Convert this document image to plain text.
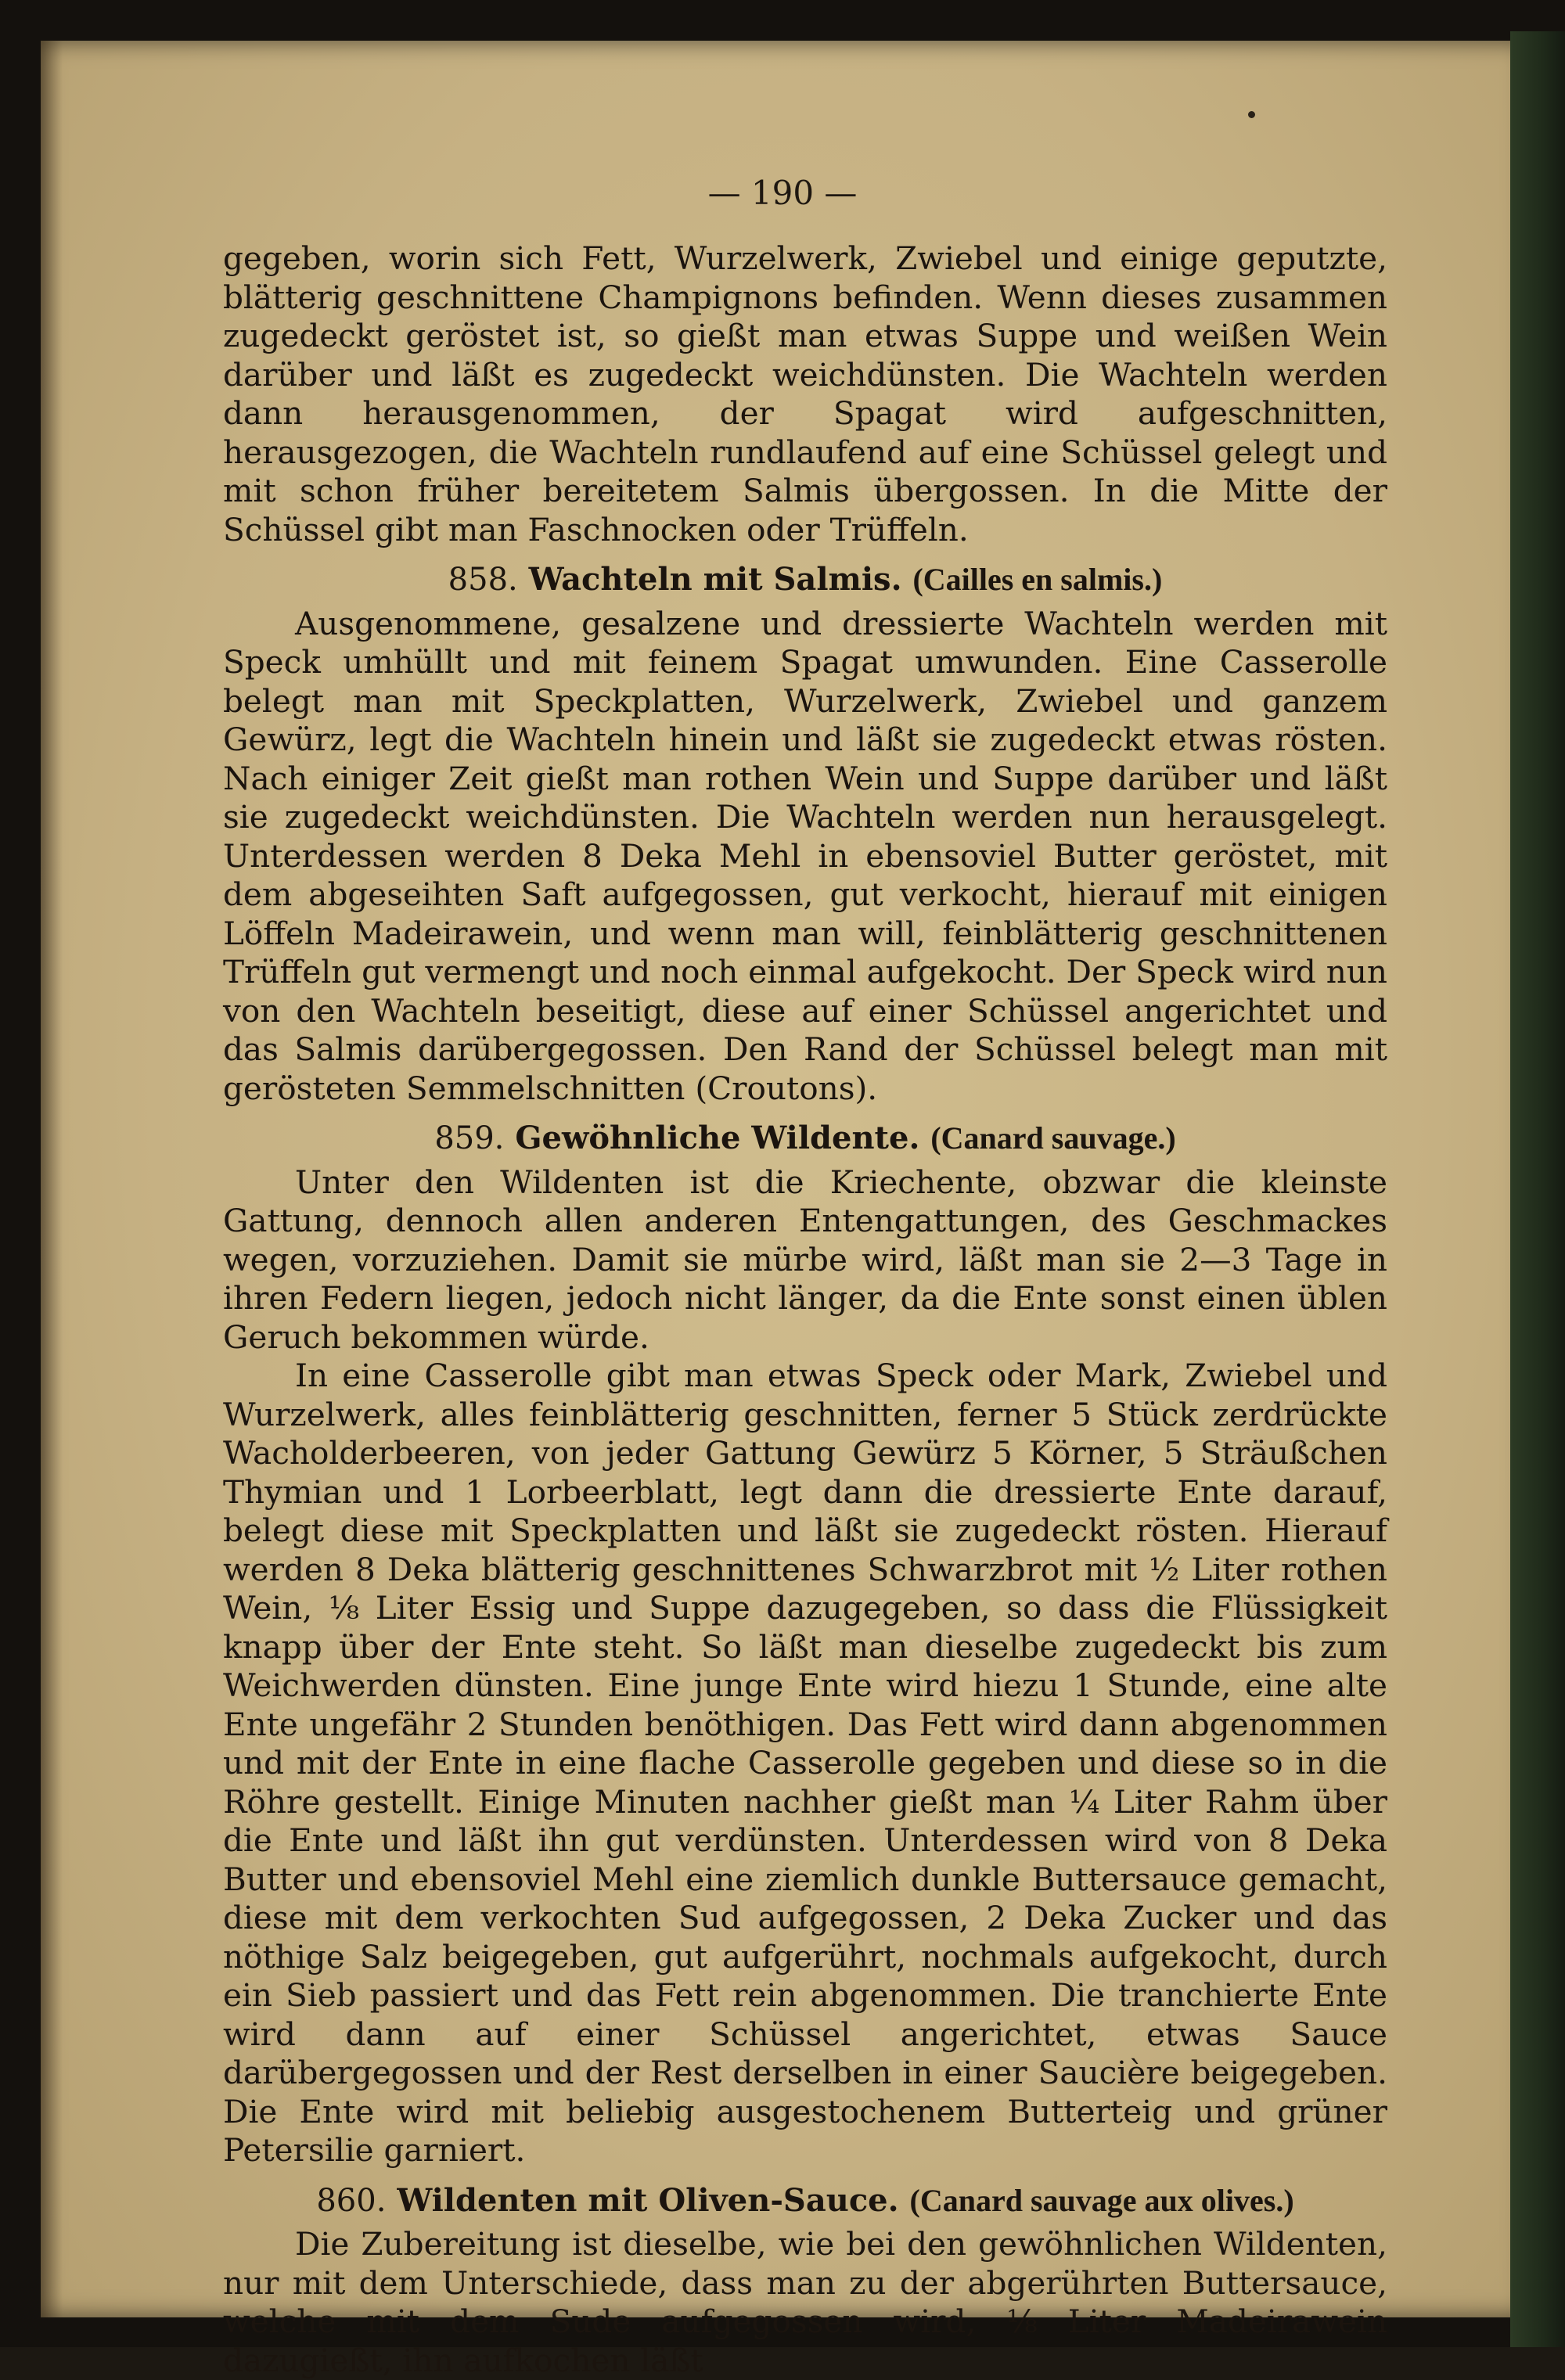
— 190 —

gegeben, worin sich Fett, Wurzelwerk, Zwiebel und einige geputzte, blätterig geschnittene Champignons befinden. Wenn dieses zusammen zugedeckt geröstet ist, so gießt man etwas Suppe und weißen Wein darüber und läßt es zugedeckt weichdünsten. Die Wachteln werden dann herausgenommen, der Spagat wird aufgeschnitten, herausgezogen, die Wachteln rundlaufend auf eine Schüssel gelegt und mit schon früher bereitetem Salmis übergossen. In die Mitte der Schüssel gibt man Faschnocken oder Trüffeln.

858. Wachteln mit Salmis. (Cailles en salmis.)

Ausgenommene, gesalzene und dressierte Wachteln werden mit Speck umhüllt und mit feinem Spagat umwunden. Eine Casserolle belegt man mit Speckplatten, Wurzelwerk, Zwiebel und ganzem Gewürz, legt die Wachteln hinein und läßt sie zugedeckt etwas rösten. Nach einiger Zeit gießt man rothen Wein und Suppe darüber und läßt sie zugedeckt weichdünsten. Die Wachteln werden nun herausgelegt. Unterdessen werden 8 Deka Mehl in ebensoviel Butter geröstet, mit dem abgeseihten Saft aufgegossen, gut verkocht, hierauf mit einigen Löffeln Madeirawein, und wenn man will, feinblätterig geschnittenen Trüffeln gut vermengt und noch einmal aufgekocht. Der Speck wird nun von den Wachteln beseitigt, diese auf einer Schüssel angerichtet und das Salmis darübergegossen. Den Rand der Schüssel belegt man mit gerösteten Semmelschnitten (Croutons).

859. Gewöhnliche Wildente. (Canard sauvage.)

Unter den Wildenten ist die Kriechente, obzwar die kleinste Gattung, dennoch allen anderen Entengattungen, des Geschmackes wegen, vorzuziehen. Damit sie mürbe wird, läßt man sie 2—3 Tage in ihren Federn liegen, jedoch nicht länger, da die Ente sonst einen üblen Geruch bekommen würde.

In eine Casserolle gibt man etwas Speck oder Mark, Zwiebel und Wurzelwerk, alles feinblätterig geschnitten, ferner 5 Stück zerdrückte Wacholderbeeren, von jeder Gattung Gewürz 5 Körner, 5 Sträußchen Thymian und 1 Lorbeerblatt, legt dann die dressierte Ente darauf, belegt diese mit Speckplatten und läßt sie zugedeckt rösten. Hierauf werden 8 Deka blätterig geschnittenes Schwarzbrot mit ½ Liter rothen Wein, ⅛ Liter Essig und Suppe dazugegeben, so dass die Flüssigkeit knapp über der Ente steht. So läßt man dieselbe zugedeckt bis zum Weichwerden dünsten. Eine junge Ente wird hiezu 1 Stunde, eine alte Ente ungefähr 2 Stunden benöthigen. Das Fett wird dann abgenommen und mit der Ente in eine flache Casserolle gegeben und diese so in die Röhre gestellt. Einige Minuten nachher gießt man ¼ Liter Rahm über die Ente und läßt ihn gut verdünsten. Unterdessen wird von 8 Deka Butter und ebensoviel Mehl eine ziemlich dunkle Buttersauce gemacht, diese mit dem verkochten Sud aufgegossen, 2 Deka Zucker und das nöthige Salz beigegeben, gut aufgerührt, nochmals aufgekocht, durch ein Sieb passiert und das Fett rein abgenommen. Die tranchierte Ente wird dann auf einer Schüssel angerichtet, etwas Sauce darübergegossen und der Rest derselben in einer Saucière beigegeben. Die Ente wird mit beliebig ausgestochenem Butterteig und grüner Petersilie garniert.

860. Wildenten mit Oliven-Sauce. (Canard sauvage aux olives.)

Die Zubereitung ist dieselbe, wie bei den gewöhnlichen Wildenten, nur mit dem Unterschiede, dass man zu der abgerührten Buttersauce, welche mit dem Sude aufgegossen wird, ⅛ Liter Madeirawein dazugießt, ihn aufkochen läßt
